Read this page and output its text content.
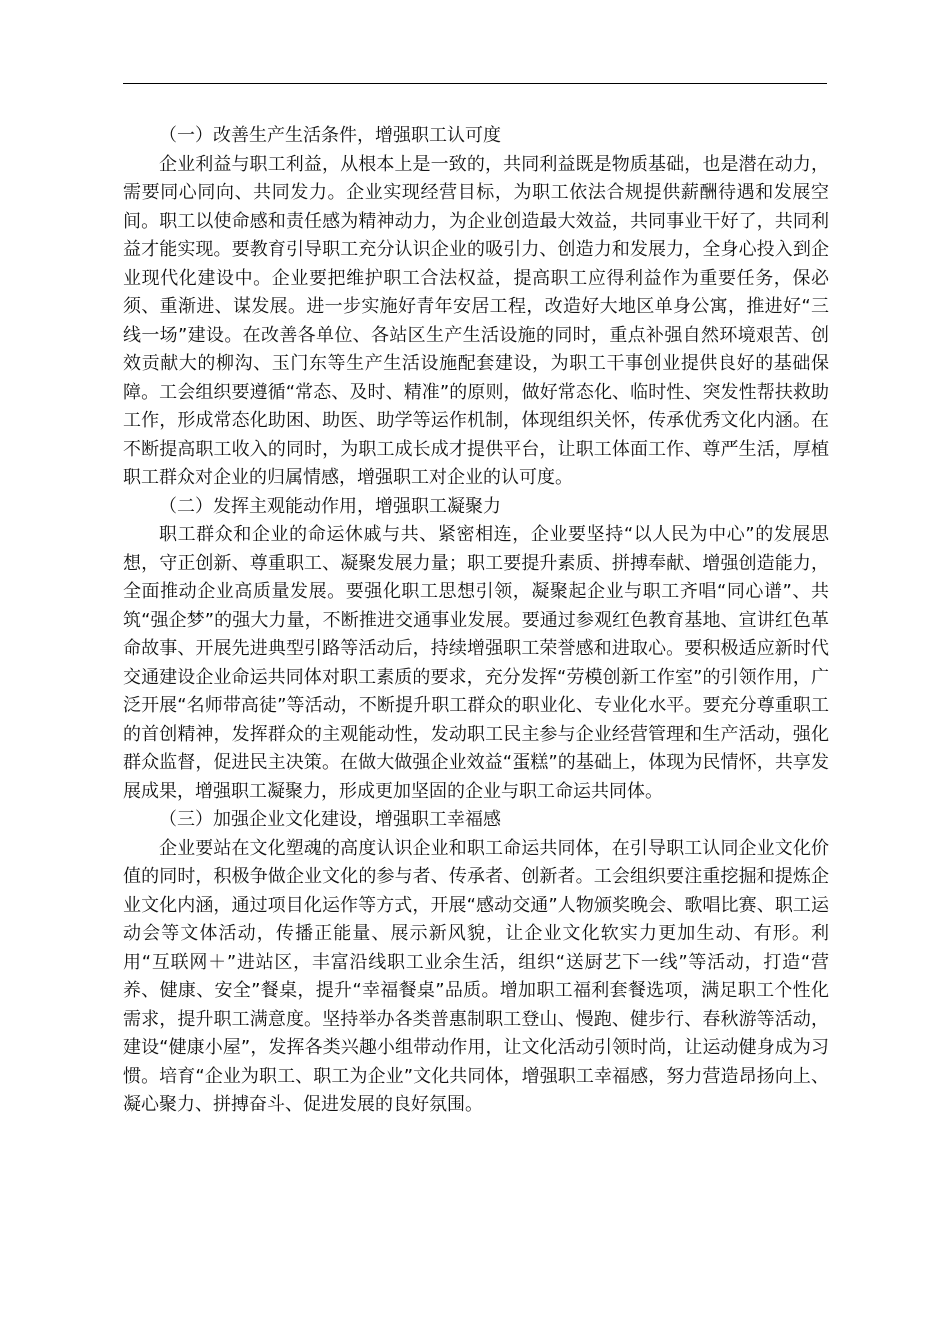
（一）改善生产生活条件，增强职工认可度

企业利益与职工利益，从根本上是一致的，共同利益既是物质基础，也是潜在动力，需要同心同向、共同发力。企业实现经营目标，为职工依法合规提供薪酬待遇和发展空间。职工以使命感和责任感为精神动力，为企业创造最大效益，共同事业干好了，共同利益才能实现。要教育引导职工充分认识企业的吸引力、创造力和发展力，全身心投入到企业现代化建设中。企业要把维护职工合法权益，提高职工应得利益作为重要任务，保必须、重渐进、谋发展。进一步实施好青年安居工程，改造好大地区单身公寓，推进好“三线一场”建设。在改善各单位、各站区生产生活设施的同时，重点补强自然环境艰苦、创效贡献大的柳沟、玉门东等生产生活设施配套建设，为职工干事创业提供良好的基础保障。工会组织要遵循“常态、及时、精准”的原则，做好常态化、临时性、突发性帮扶救助工作，形成常态化助困、助医、助学等运作机制，体现组织关怀，传承优秀文化内涵。在不断提高职工收入的同时，为职工成长成才提供平台，让职工体面工作、尊严生活，厚植职工群众对企业的归属情感，增强职工对企业的认可度。

（二）发挥主观能动作用，增强职工凝聚力

职工群众和企业的命运休戚与共、紧密相连，企业要坚持“以人民为中心”的发展思想，守正创新、尊重职工、凝聚发展力量；职工要提升素质、拼搏奉献、增强创造能力，全面推动企业高质量发展。要强化职工思想引领，凝聚起企业与职工齐唱“同心谱”、共筑“强企梦”的强大力量，不断推进交通事业发展。要通过参观红色教育基地、宣讲红色革命故事、开展先进典型引路等活动后，持续增强职工荣誉感和进取心。要积极适应新时代交通建设企业命运共同体对职工素质的要求，充分发挥“劳模创新工作室”的引领作用，广泛开展“名师带高徒”等活动，不断提升职工群众的职业化、专业化水平。要充分尊重职工的首创精神，发挥群众的主观能动性，发动职工民主参与企业经营管理和生产活动，强化群众监督，促进民主决策。在做大做强企业效益“蛋糕”的基础上，体现为民情怀，共享发展成果，增强职工凝聚力，形成更加坚固的企业与职工命运共同体。

（三）加强企业文化建设，增强职工幸福感

企业要站在文化塑魂的高度认识企业和职工命运共同体，在引导职工认同企业文化价值的同时，积极争做企业文化的参与者、传承者、创新者。工会组织要注重挖掘和提炼企业文化内涵，通过项目化运作等方式，开展“感动交通”人物颁奖晚会、歌唱比赛、职工运动会等文体活动，传播正能量、展示新风貌，让企业文化软实力更加生动、有形。利用“互联网＋”进站区，丰富沿线职工业余生活，组织“送厨艺下一线”等活动，打造“营养、健康、安全”餐桌，提升“幸福餐桌”品质。增加职工福利套餐选项，满足职工个性化需求，提升职工满意度。坚持举办各类普惠制职工登山、慢跑、健步行、春秋游等活动，建设“健康小屋”，发挥各类兴趣小组带动作用，让文化活动引领时尚，让运动健身成为习惯。培育“企业为职工、职工为企业”文化共同体，增强职工幸福感，努力营造昂扬向上、凝心聚力、拼搏奋斗、促进发展的良好氛围。
